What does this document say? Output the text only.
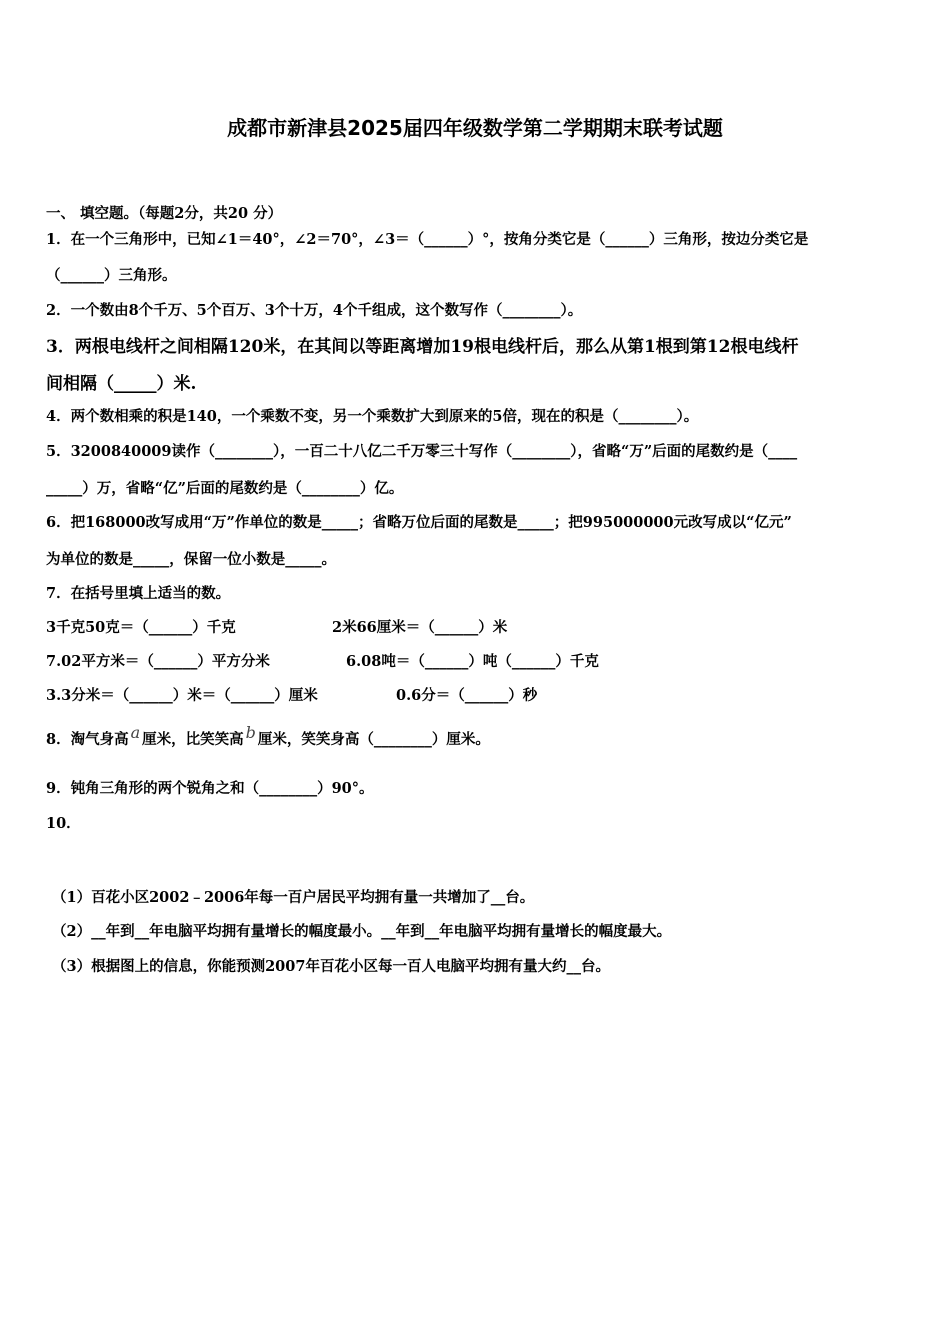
成都市新津县2025届四年级数学第二学期期末联考试题
一、 填空题。（每题2分，共20 分）
1．在一个三角形中，已知∠1＝40°，∠2＝70°，∠3＝（______）°，按角分类它是（______）三角形，按边分类它是
（______）三角形。
2．一个数由8个千万、5个百万、3个十万，4个千组成，这个数写作（________）。
3．两根电线杆之间相隔120米，在其间以等距离增加19根电线杆后，那么从第1根到第12根电线杆
间相隔（_____）米.
4．两个数相乘的积是140，一个乘数不变，另一个乘数扩大到原来的5倍，现在的积是（________）。
5．3200840009读作（________），一百二十八亿二千万零三十写作（________），省略“万”后面的尾数约是（____
_____）万，省略“亿”后面的尾数约是（________）亿。
6．把168000改写成用“万”作单位的数是_____；省略万位后面的尾数是_____；把995000000元改写成以“亿元”
为单位的数是_____，保留一位小数是_____。
7．在括号里填上适当的数。
3千克50克＝（______）千克	2米66厘米＝（______）米
7.02平方米＝（______）平方分米	6.08吨＝（______）吨（______）千克
3.3分米＝（______）米＝（______）厘米	0.6分＝（______）秒
8．淘气身高 $^a$ 厘米，比笑笑高 $^b$ 厘米，笑笑身高（________）厘米。
9．钝角三角形的两个锐角之和（________）90°。
10．
（1）百花小区2002﹣2006年每一百户居民平均拥有量一共增加了__台。
（2）__年到__年电脑平均拥有量增长的幅度最小。__年到__年电脑平均拥有量增长的幅度最大。
（3）根据图上的信息，你能预测2007年百花小区每一百人电脑平均拥有量大约__台。
